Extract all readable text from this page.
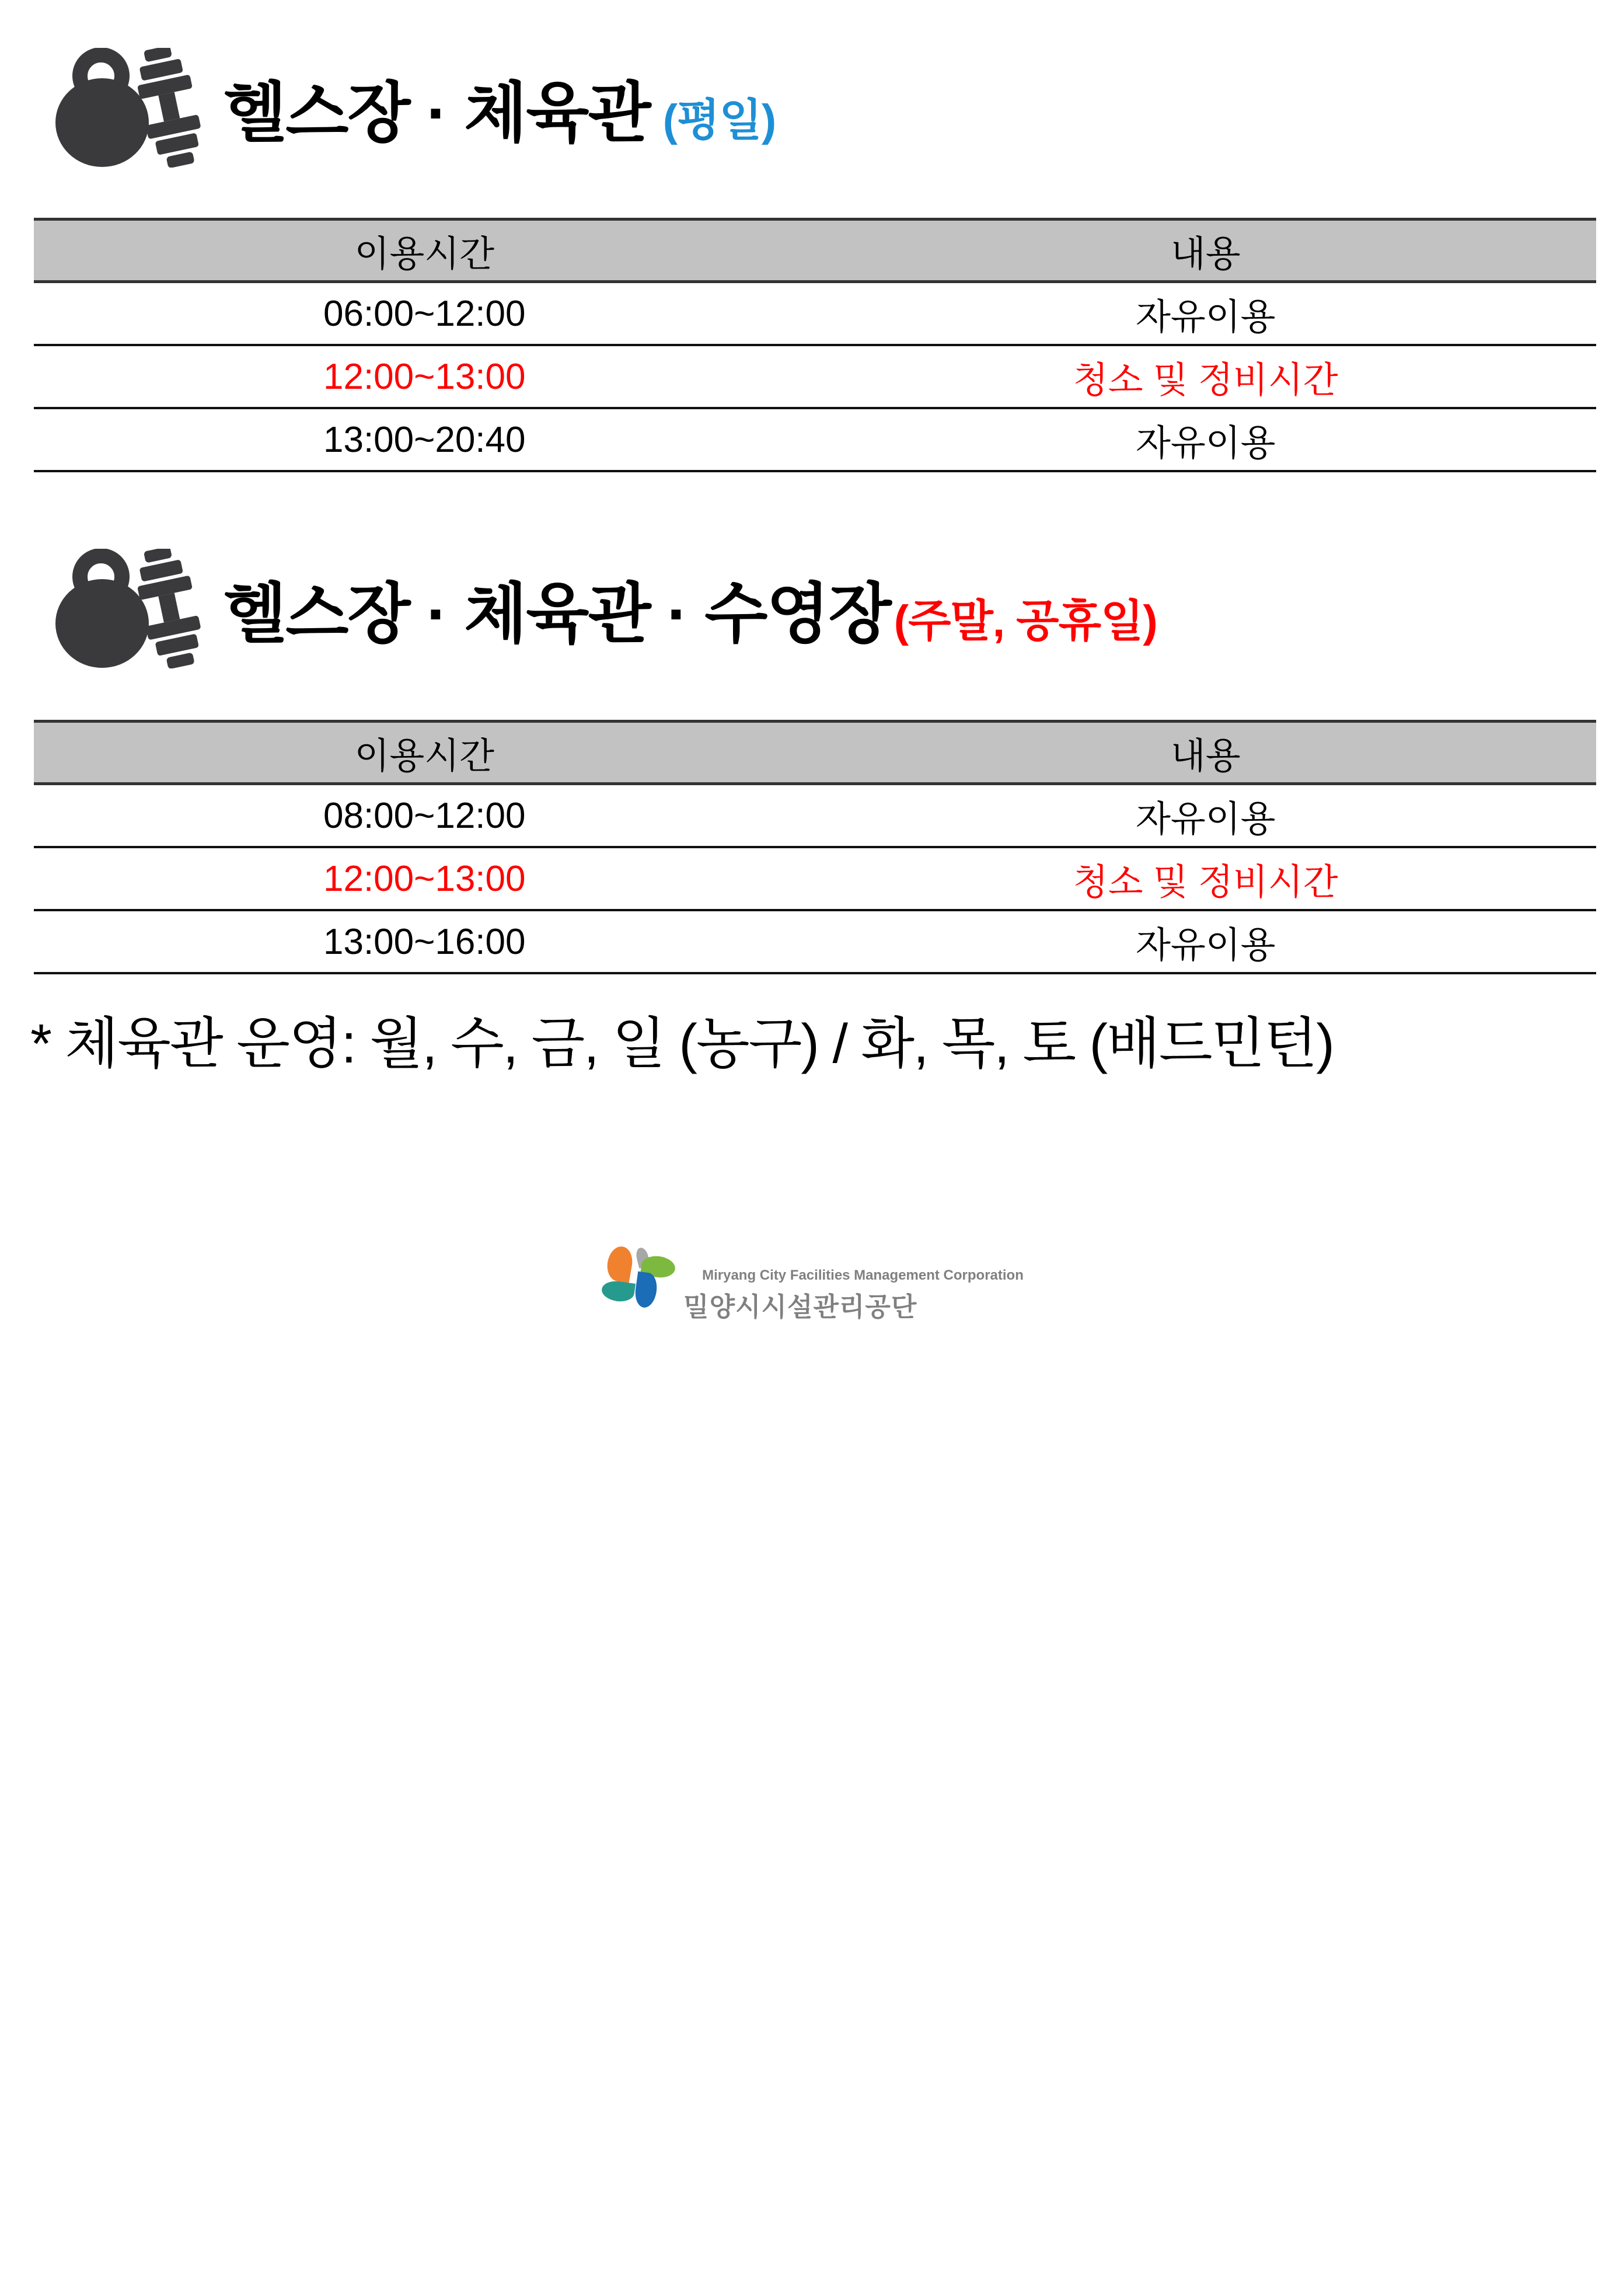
헬스장 · 체육관 (평일)
이용시간	내용
06:00~12:00	자유이용
12:00~13:00	청소 및 정비시간
13:00~20:40	자유이용
헬스장 · 체육관 · 수영장(주말, 공휴일)
이용시간	내용
08:00~12:00	자유이용
12:00~13:00	청소 및 정비시간
13:00~16:00	자유이용

* 체육관 운영: 월, 수, 금, 일 (농구) / 화, 목, 토 (배드민턴)

Miryang City Facilities Management Corporation
밀양시시설관리공단
